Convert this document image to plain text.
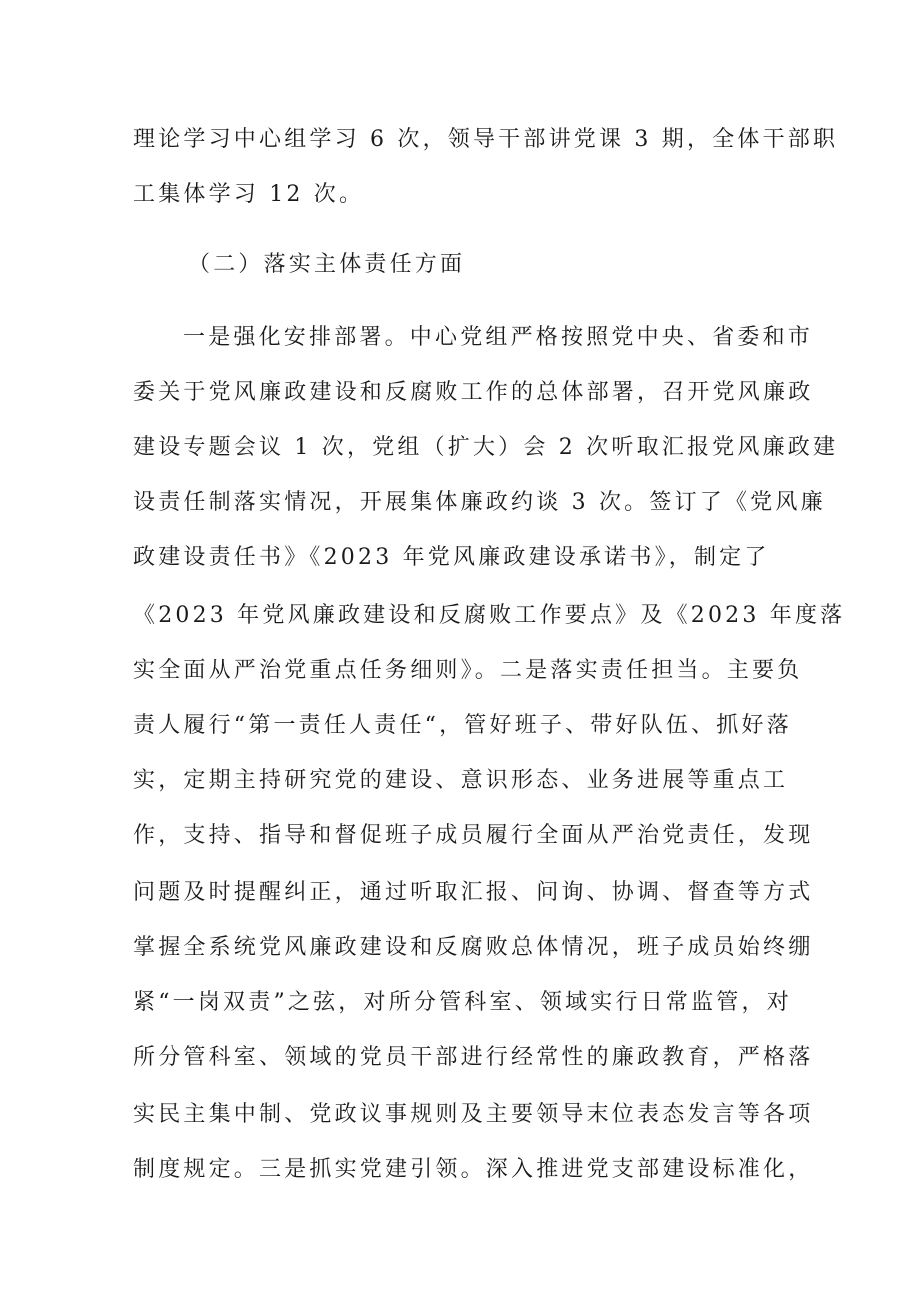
理论学习中心组学习 6 次，领导干部讲党课 3 期，全体干部职
工集体学习 12 次。
（二）落实主体责任方面
一是强化安排部署。中心党组严格按照党中央、省委和市
委关于党风廉政建设和反腐败工作的总体部署，召开党风廉政
建设专题会议 1 次，党组（扩大）会 2 次听取汇报党风廉政建
设责任制落实情况，开展集体廉政约谈 3 次。签订了《党风廉
政建设责任书》《2023 年党风廉政建设承诺书》，制定了
《2023 年党风廉政建设和反腐败工作要点》及《2023 年度落
实全面从严治党重点任务细则》。二是落实责任担当。主要负
责人履行“第一责任人责任“，管好班子、带好队伍、抓好落
实，定期主持研究党的建设、意识形态、业务进展等重点工
作，支持、指导和督促班子成员履行全面从严治党责任，发现
问题及时提醒纠正，通过听取汇报、问询、协调、督查等方式
掌握全系统党风廉政建设和反腐败总体情况，班子成员始终绷
紧“一岗双责”之弦，对所分管科室、领域实行日常监管，对
所分管科室、领域的党员干部进行经常性的廉政教育，严格落
实民主集中制、党政议事规则及主要领导末位表态发言等各项
制度规定。三是抓实党建引领。深入推进党支部建设标准化，
